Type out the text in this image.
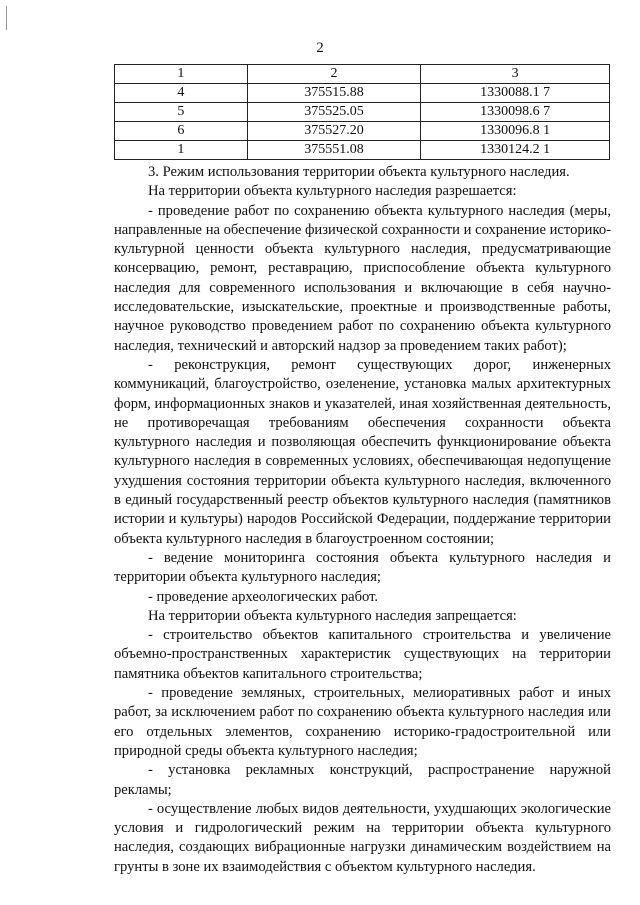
2
1	2	3
4	375515.88	1330088.1 7
5	375525.05	1330098.6 7
6	375527.20	1330096.8 1
1	375551.08	1330124.2 1

3. Режим использования территории объекта культурного наследия.

На территории объекта культурного наследия разрешается:

- проведение работ по сохранению объекта культурного наследия (меры, направленные на обеспечение физической сохранности и сохранение историко-культурной ценности объекта культурного наследия, предусматривающие консервацию, ремонт, реставрацию, приспособление объекта культурного наследия для современного использования и включающие в себя научно-исследовательские, изыскательские, проектные и производственные работы, научное руководство проведением работ по сохранению объекта культурного наследия, технический и авторский надзор за проведением таких работ);

- реконструкция, ремонт существующих дорог, инженерных коммуникаций, благоустройство, озеленение, установка малых архитектурных форм, информационных знаков и указателей, иная хозяйственная деятельность, не противоречащая требованиям обеспечения сохранности объекта культурного наследия и позволяющая обеспечить функционирование объекта культурного наследия в современных условиях, обеспечивающая недопущение ухудшения состояния территории объекта культурного наследия, включенного в единый государственный реестр объектов культурного наследия (памятников истории и культуры) народов Российской Федерации, поддержание территории объекта культурного наследия в благоустроенном состоянии;

- ведение мониторинга состояния объекта культурного наследия и территории объекта культурного наследия;

- проведение археологических работ.

На территории объекта культурного наследия запрещается:

- строительство объектов капитального строительства и увеличение объемно-пространственных характеристик существующих на территории памятника объектов капитального строительства;

- проведение земляных, строительных, мелиоративных работ и иных работ, за исключением работ по сохранению объекта культурного наследия или его отдельных элементов, сохранению историко-градостроительной или природной среды объекта культурного наследия;

- установка рекламных конструкций, распространение наружной рекламы;

- осуществление любых видов деятельности, ухудшающих экологические условия и гидрологический режим на территории объекта культурного наследия, создающих вибрационные нагрузки динамическим воздействием на грунты в зоне их взаимодействия с объектом культурного наследия.
